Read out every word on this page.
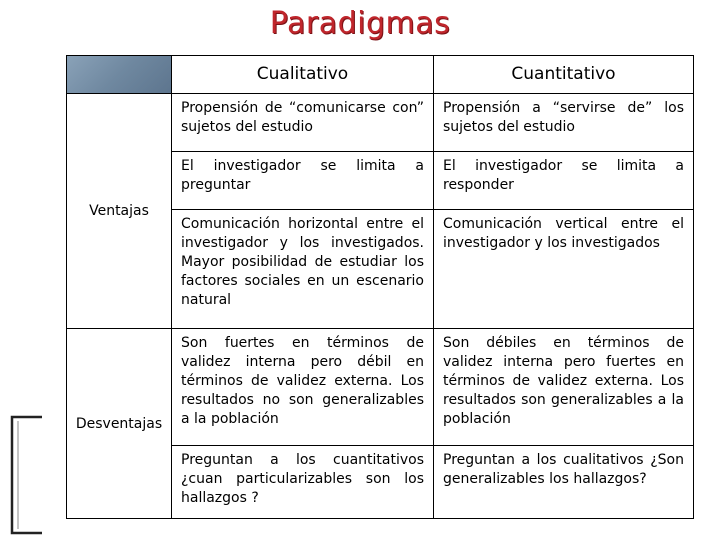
Paradigmas
Cualitativo	Cuantitativo
Ventajas
Desventajas
Propensión de “comunicarse con” sujetos del estudio
Propensión a “servirse de” los sujetos del estudio
El investigador se limita a preguntar
El investigador se limita a responder
Comunicación horizontal entre el investigador y los investigados. Mayor posibilidad de estudiar los factores sociales en un escenario natural
Comunicación vertical entre el investigador y los investigados
Son fuertes en términos de validez interna pero débil en términos de validez externa. Los resultados no son generalizables a la población
Son débiles en términos de validez interna pero fuertes en términos de validez externa. Los resultados son generalizables a la población
Preguntan a los cuantitativos ¿cuan particularizables son los hallazgos ?
Preguntan a los cualitativos ¿Son generalizables los hallazgos?
